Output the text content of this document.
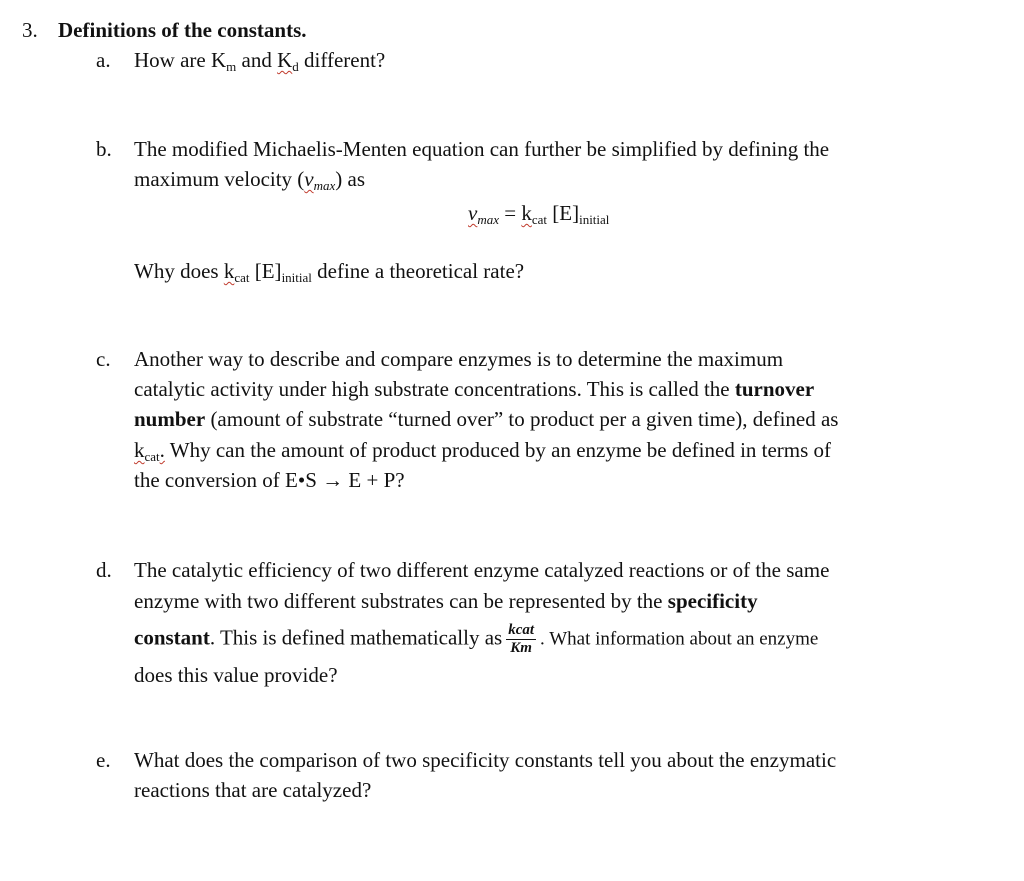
3. Definitions of the constants.
a. How are $K_m$ and $K_d$ different?
b. The modified Michaelis-Menten equation can further be simplified by defining the
maximum velocity $(v_{max})$ as
$v_{max} = k_{cat}$ $[E]_{initial}$
Why does $k_{cat}$ $[E]_{initial}$ define a theoretical rate?
c. Another way to describe and compare enzymes is to determine the maximum
catalytic activity under high substrate concentrations. This is called the turnover
number (amount of substrate “turned over” to product per a given time), defined as
$k_{cat}$. Why can the amount of product produced by an enzyme be defined in terms of
the conversion of E•S → E + P?
d. The catalytic efficiency of two different enzyme catalyzed reactions or of the same
enzyme with two different substrates can be represented by the specificity
constant. This is defined mathematically as $\frac{\text{kcat}}{Km}$ . What information about an enzyme
does this value provide?
e. What does the comparison of two specificity constants tell you about the enzymatic
reactions that are catalyzed?
